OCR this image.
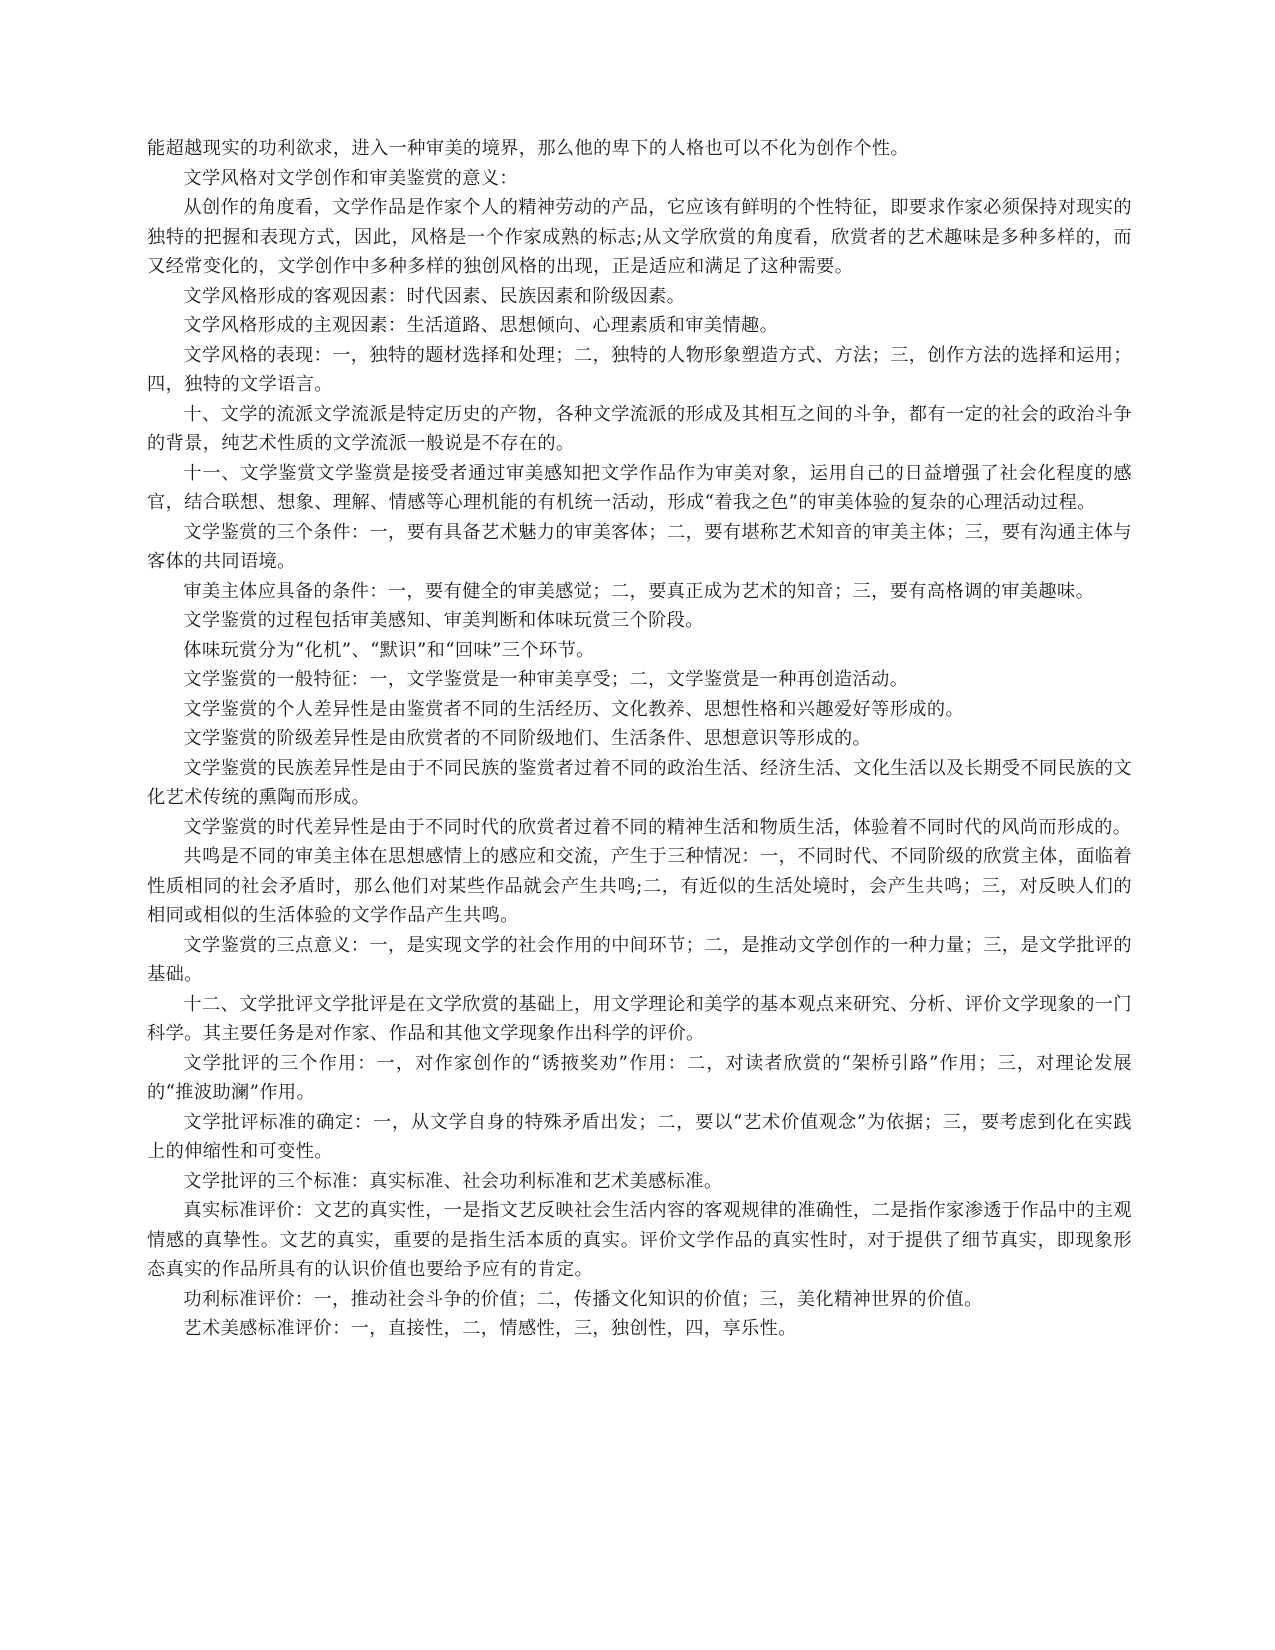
能超越现实的功利欲求，进入一种审美的境界，那么他的卑下的人格也可以不化为创作个性。

文学风格对文学创作和审美鉴赏的意义：

从创作的角度看，文学作品是作家个人的精神劳动的产品，它应该有鲜明的个性特征，即要求作家必须保持对现实的独特的把握和表现方式，因此，风格是一个作家成熟的标志;从文学欣赏的角度看，欣赏者的艺术趣味是多种多样的，而又经常变化的，文学创作中多种多样的独创风格的出现，正是适应和满足了这种需要。

文学风格形成的客观因素：时代因素、民族因素和阶级因素。

文学风格形成的主观因素：生活道路、思想倾向、心理素质和审美情趣。

文学风格的表现：一，独特的题材选择和处理；二，独特的人物形象塑造方式、方法；三，创作方法的选择和运用；四，独特的文学语言。

十、文学的流派文学流派是特定历史的产物，各种文学流派的形成及其相互之间的斗争，都有一定的社会的政治斗争的背景，纯艺术性质的文学流派一般说是不存在的。

十一、文学鉴赏文学鉴赏是接受者通过审美感知把文学作品作为审美对象，运用自己的日益增强了社会化程度的感官，结合联想、想象、理解、情感等心理机能的有机统一活动，形成“着我之色”的审美体验的复杂的心理活动过程。

文学鉴赏的三个条件：一，要有具备艺术魅力的审美客体；二，要有堪称艺术知音的审美主体；三，要有沟通主体与客体的共同语境。

审美主体应具备的条件：一，要有健全的审美感觉；二，要真正成为艺术的知音；三，要有高格调的审美趣味。

文学鉴赏的过程包括审美感知、审美判断和体味玩赏三个阶段。

体味玩赏分为“化机”、“默识”和“回味”三个环节。

文学鉴赏的一般特征：一，文学鉴赏是一种审美享受；二，文学鉴赏是一种再创造活动。

文学鉴赏的个人差异性是由鉴赏者不同的生活经历、文化教养、思想性格和兴趣爱好等形成的。

文学鉴赏的阶级差异性是由欣赏者的不同阶级地们、生活条件、思想意识等形成的。

文学鉴赏的民族差异性是由于不同民族的鉴赏者过着不同的政治生活、经济生活、文化生活以及长期受不同民族的文化艺术传统的熏陶而形成。

文学鉴赏的时代差异性是由于不同时代的欣赏者过着不同的精神生活和物质生活，体验着不同时代的风尚而形成的。

共鸣是不同的审美主体在思想感情上的感应和交流，产生于三种情况：一，不同时代、不同阶级的欣赏主体，面临着性质相同的社会矛盾时，那么他们对某些作品就会产生共鸣;二，有近似的生活处境时，会产生共鸣；三，对反映人们的相同或相似的生活体验的文学作品产生共鸣。

文学鉴赏的三点意义：一，是实现文学的社会作用的中间环节；二，是推动文学创作的一种力量；三，是文学批评的基础。

十二、文学批评文学批评是在文学欣赏的基础上，用文学理论和美学的基本观点来研究、分析、评价文学现象的一门科学。其主要任务是对作家、作品和其他文学现象作出科学的评价。

文学批评的三个作用：一，对作家创作的“诱掖奖劝”作用：二，对读者欣赏的“架桥引路”作用；三，对理论发展的“推波助澜”作用。

文学批评标准的确定：一，从文学自身的特殊矛盾出发；二，要以“艺术价值观念”为依据；三，要考虑到化在实践上的伸缩性和可变性。

文学批评的三个标准：真实标准、社会功利标准和艺术美感标准。

真实标准评价：文艺的真实性，一是指文艺反映社会生活内容的客观规律的准确性，二是指作家渗透于作品中的主观情感的真挚性。文艺的真实，重要的是指生活本质的真实。评价文学作品的真实性时，对于提供了细节真实，即现象形态真实的作品所具有的认识价值也要给予应有的肯定。

功利标准评价：一，推动社会斗争的价值；二，传播文化知识的价值；三，美化精神世界的价值。

艺术美感标准评价：一，直接性，二，情感性，三，独创性，四，享乐性。
